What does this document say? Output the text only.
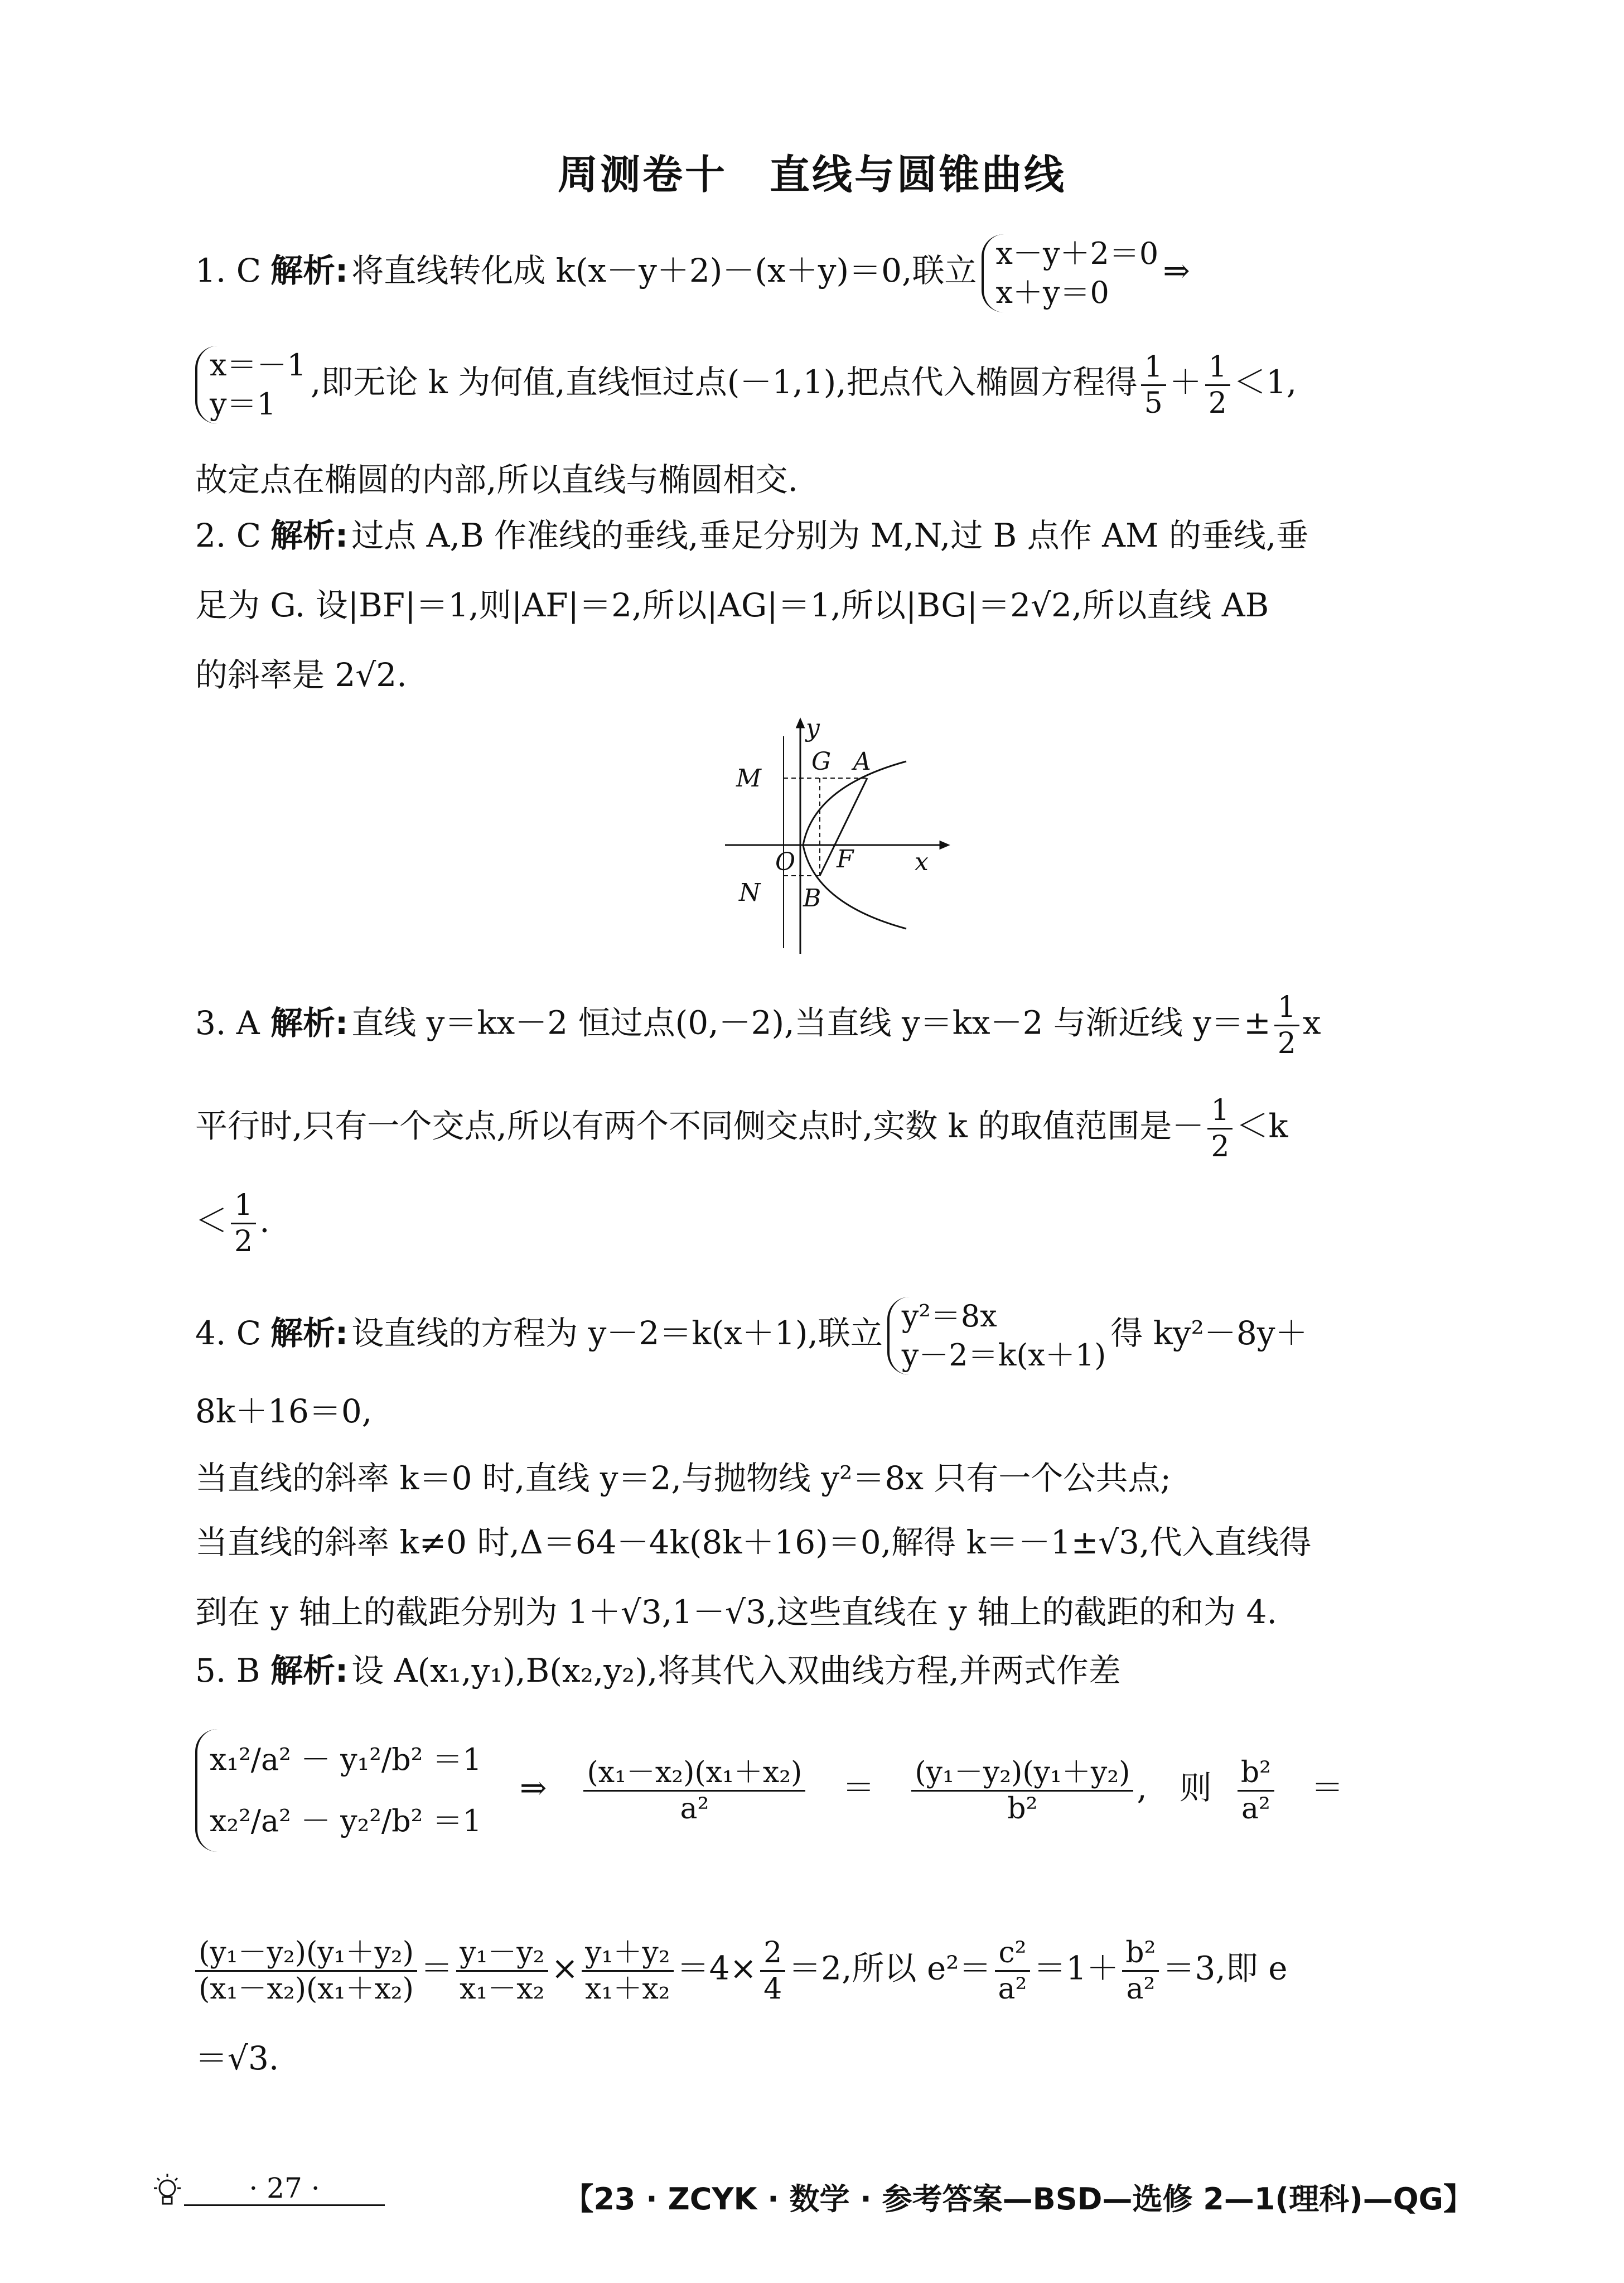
周测卷十　直线与圆锥曲线
1. C 解析: 将直线转化成 k(x－y＋2)－(x＋y)＝0,联立 x－y＋2＝0
x＋y＝0
⇒
x＝－1
y＝1
,即无论 k 为何值,直线恒过点(－1,1),把点代入椭圆方程得 $\frac{1}{5} + \frac{1}{2} <1$,
故定点在椭圆的内部,所以直线与椭圆相交.
2. C 解析: 过点 A,B 作准线的垂线,垂足分别为 M,N,过 B 点作 AM 的垂线,垂
足为 G. 设|BF|＝1,则|AF|＝2,所以|AG|＝1,所以|BG|＝2√2,所以直线 AB
的斜率是 2√2.
y
G A
M
O F x
N B
3. A 解析: 直线 y＝kx－2 恒过点(0,－2),当直线 y＝kx－2 与渐近线 $y=\pm \frac{1}{2}$ x
平行时,只有一个交点,所以有两个不同侧交点时,实数 k 的取值范围是－ $\frac{1}{2} <k$
＜ $\frac{1}{2}$ .
4. C 解析: 设直线的方程为 y－2＝k(x＋1),联立 y²＝8x
y－2＝k(x＋1)
得 ky²－8y＋
8k＋16＝0,
当直线的斜率 k＝0 时,直线 y＝2,与抛物线 y²＝8x 只有一个公共点;
当直线的斜率 k≠0 时,Δ＝64－4k(8k＋16)＝0,解得 k＝－1±√3,代入直线得
到在 y 轴上的截距分别为 1＋√3,1－√3,这些直线在 y 轴上的截距的和为 4.
5. B 解析: 设 A(x₁,y₁),B(x₂,y₂),将其代入双曲线方程,并两式作差
x₁²/a² － y₁²/b² ＝1
x₂²/a² － y₂²/b² ＝1
⇒ $\frac{\text{(x₁－x₂)(x₁＋x₂)}}{\text{a²}} = \frac{\text{(y₁－y₂)(y₁＋y₂)}}{\text{b²}}$ ,　则 $\frac{\text{b²}}{\text{a²}}$ ＝
$\frac{\text{(y₁－y₂)(y₁＋y₂)}}{\text{(x₁－x₂)(x₁＋x₂)}} = \frac{\text{y₁－y₂}}{\text{x₁－x₂}} \times \frac{\text{y₁＋y₂}}{\text{x₁＋x₂}} =4\times \frac{2}{4} =2$,所以 $e^2= \frac{\text{c²}}{\text{a²}} =1+ \frac{\text{b²}}{\text{a²}} =3$,即 e
＝√3.
· 27 ·	【23 · ZCYK · 数学 · 参考答案—BSD—选修 2—1(理科)—QG】
